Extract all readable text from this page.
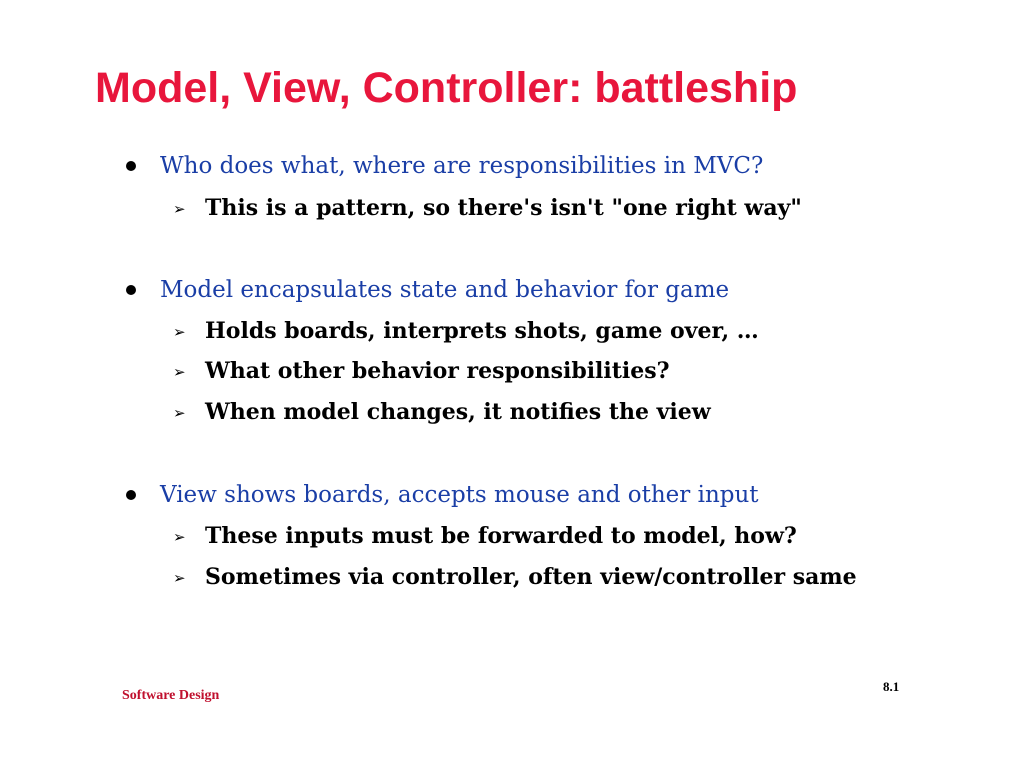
Model, View, Controller: battleship
Who does what, where are responsibilities in MVC?
➢ This is a pattern, so there's isn't "one right way"
Model encapsulates state and behavior for game
➢ Holds boards, interprets shots, game over, …
➢ What other behavior responsibilities?
➢ When model changes, it notifies the view
View shows boards, accepts mouse and other input
➢ These inputs must be forwarded to model, how?
➢ Sometimes via controller, often view/controller same
Software Design
8.1
